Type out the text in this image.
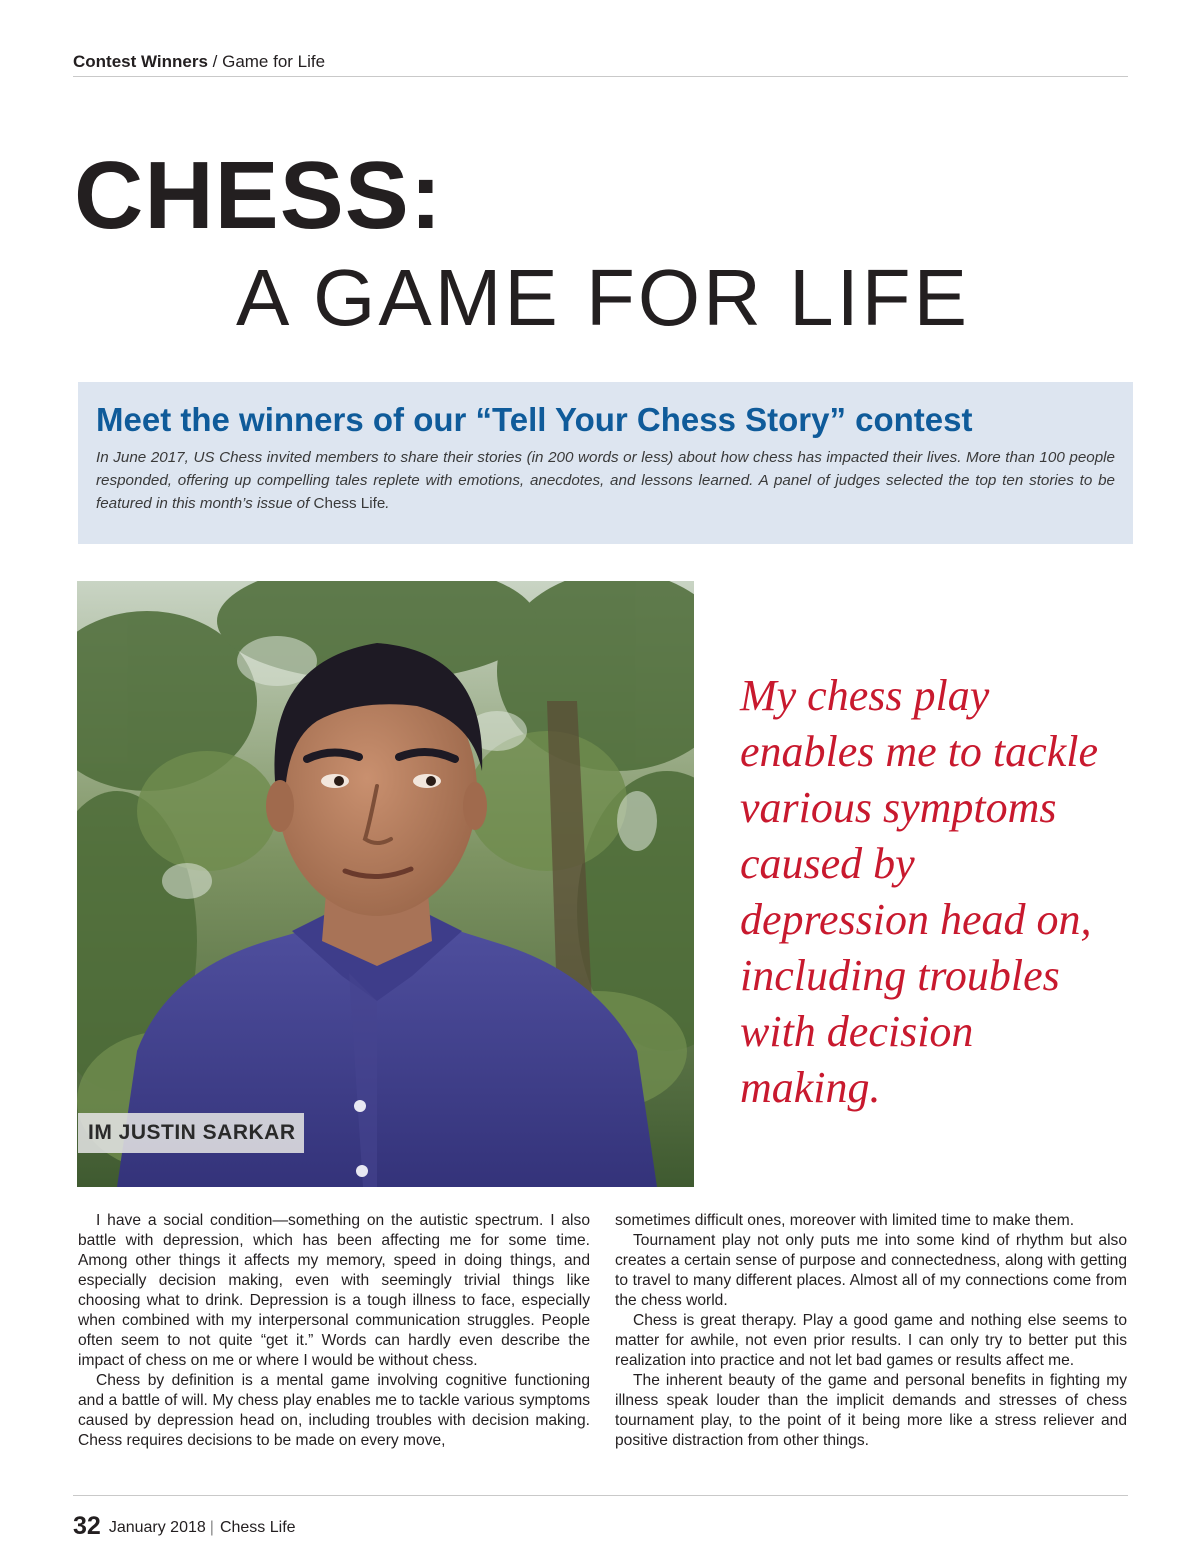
Contest Winners / Game for Life
CHESS:
A GAME FOR LIFE
Meet the winners of our “Tell Your Chess Story” contest

In June 2017, US Chess invited members to share their stories (in 200 words or less) about how chess has impacted their lives. More than 100 people responded, offering up compelling tales replete with emotions, anecdotes, and lessons learned. A panel of judges selected the top ten stories to be featured in this month’s issue of Chess Life.

IM JUSTIN SARKAR

My chess play enables me to tackle various symptoms caused by depression head on, including troubles with decision making.

I have a social condition—something on the autistic spectrum. I also battle with depression, which has been affecting me for some time. Among other things it affects my memory, speed in doing things, and especially decision making, even with seemingly trivial things like choosing what to drink. Depression is a tough illness to face, especially when combined with my interpersonal communication struggles. People often seem to not quite “get it.” Words can hardly even describe the impact of chess on me or where I would be without chess.

Chess by definition is a mental game involving cognitive functioning and a battle of will. My chess play enables me to tackle various symptoms caused by depression head on, including troubles with decision making. Chess requires decisions to be made on every move,

sometimes difficult ones, moreover with limited time to make them.

Tournament play not only puts me into some kind of rhythm but also creates a certain sense of purpose and connectedness, along with getting to travel to many different places. Almost all of my connections come from the chess world.

Chess is great therapy. Play a good game and nothing else seems to matter for awhile, not even prior results. I can only try to better put this realization into practice and not let bad games or results affect me.

The inherent beauty of the game and personal benefits in fighting my illness speak louder than the implicit demands and stresses of chess tournament play, to the point of it being more like a stress reliever and positive distraction from other things.

32 January 2018 | Chess Life
